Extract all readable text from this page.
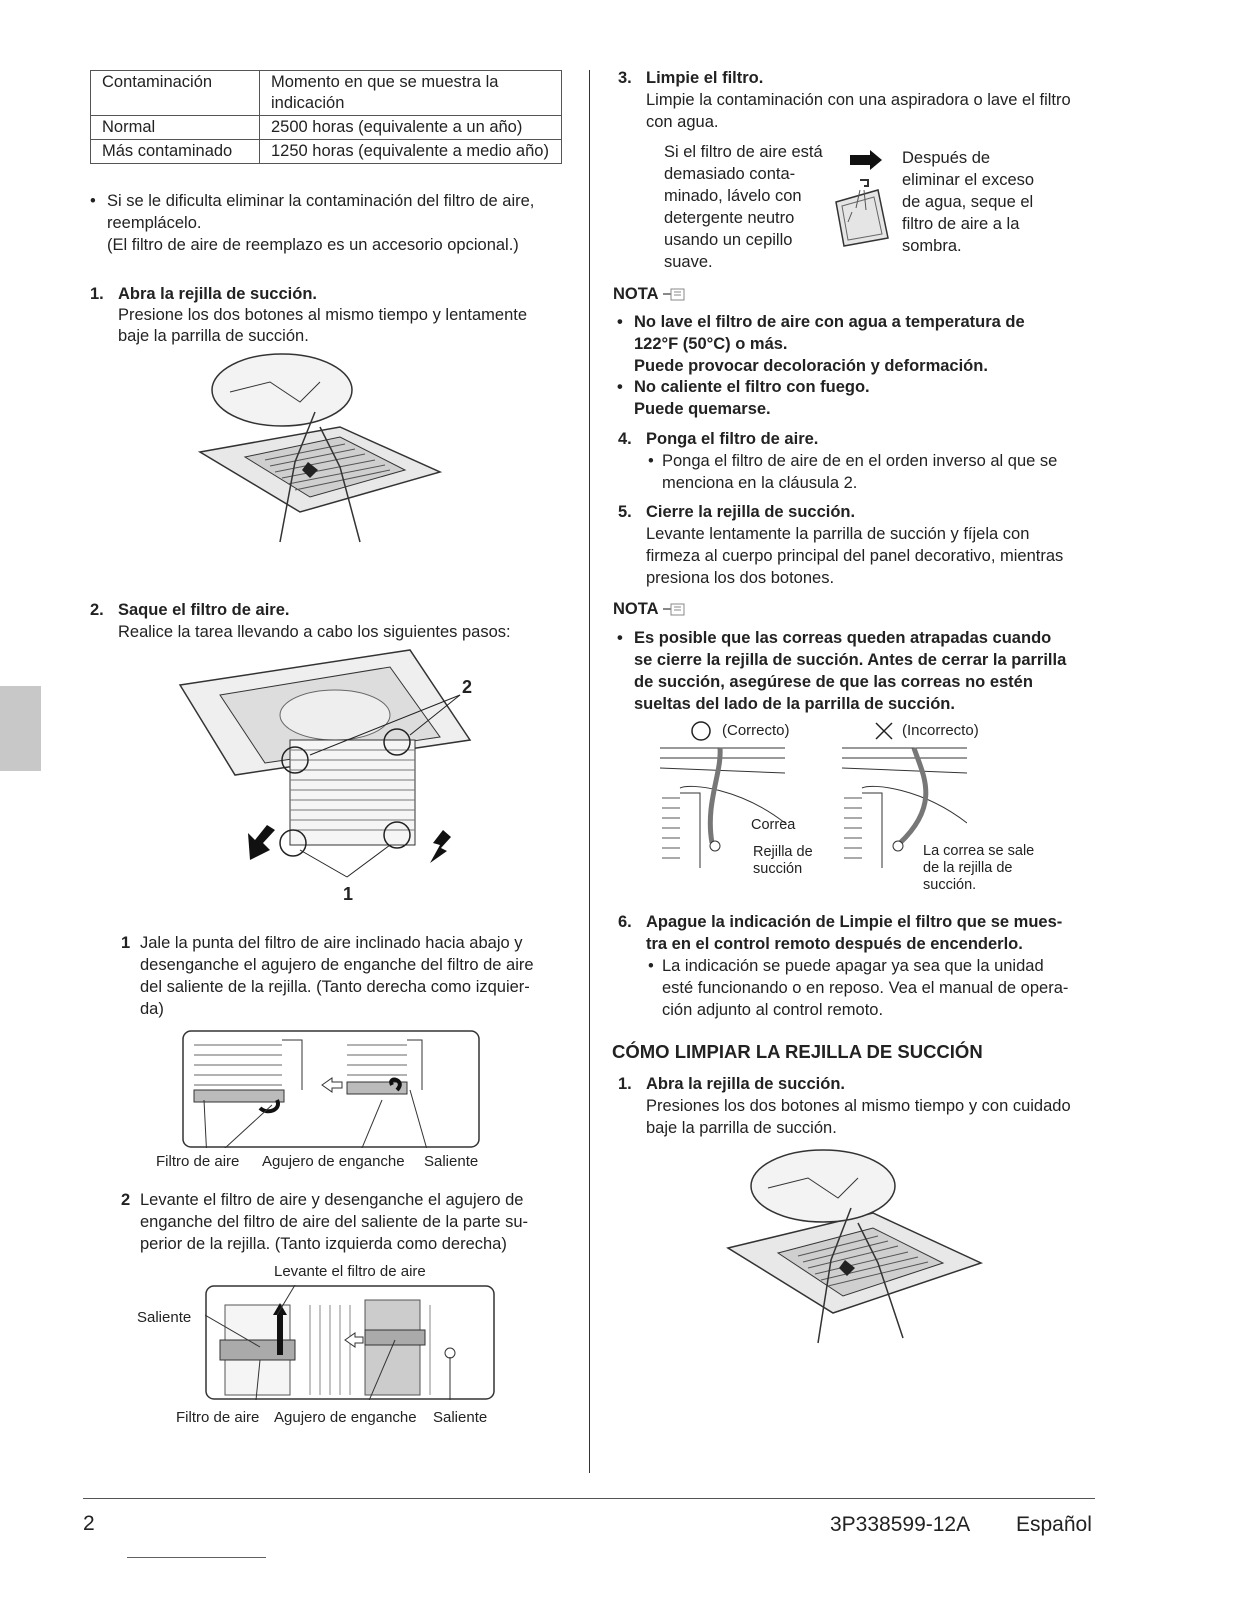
Contaminación	Momento en que se muestra la indicación
Normal	2500 horas (equivalente a un año)
Más contaminado	1250 horas (equivalente a medio año)
• Si se le dificulta eliminar la contaminación del filtro de aire,
reemplácelo.
(El filtro de aire de reemplazo es un accesorio opcional.)
1. Abra la rejilla de succión.
Presione los dos botones al mismo tiempo y lentamente
baje la parrilla de succión.
2. Saque el filtro de aire.
Realice la tarea llevando a cabo los siguientes pasos:
2
1
1 Jale la punta del filtro de aire inclinado hacia abajo y
desenganche el agujero de enganche del filtro de aire
del saliente de la rejilla. (Tanto derecha como izquier-
da)
Filtro de aire Agujero de enganche Saliente
2 Levante el filtro de aire y desenganche el agujero de
enganche del filtro de aire del saliente de la parte su-
perior de la rejilla. (Tanto izquierda como derecha)
Levante el filtro de aire
Saliente
Filtro de aire Agujero de enganche Saliente
3. Limpie el filtro.
Limpie la contaminación con una aspiradora o lave el filtro
con agua.
Si el filtro de aire está
demasiado conta-
minado, lávelo con
detergente neutro
usando un cepillo
suave.
Después de
eliminar el exceso
de agua, seque el
filtro de aire a la
sombra.
NOTA
• No lave el filtro de aire con agua a temperatura de
122°F (50°C) o más.
Puede provocar decoloración y deformación.
• No caliente el filtro con fuego.
Puede quemarse.
4. Ponga el filtro de aire.
• Ponga el filtro de aire de en el orden inverso al que se
menciona en la cláusula 2.
5. Cierre la rejilla de succión.
Levante lentamente la parrilla de succión y fíjela con
firmeza al cuerpo principal del panel decorativo, mientras
presiona los dos botones.
NOTA
• Es posible que las correas queden atrapadas cuando
se cierre la rejilla de succión. Antes de cerrar la parrilla
de succión, asegúrese de que las correas no estén
sueltas del lado de la parrilla de succión.
(Correcto)	(Incorrecto)
Correa
Rejilla de
succión
La correa se sale
de la rejilla de
succión.
6. Apague la indicación de Limpie el filtro que se mues-
tra en el control remoto después de encenderlo.
• La indicación se puede apagar ya sea que la unidad
esté funcionando o en reposo. Vea el manual de opera-
ción adjunto al control remoto.
CÓMO LIMPIAR LA REJILLA DE SUCCIÓN
1. Abra la rejilla de succión.
Presiones los dos botones al mismo tiempo y con cuidado
baje la parrilla de succión.
2	3P338599-12A Español
